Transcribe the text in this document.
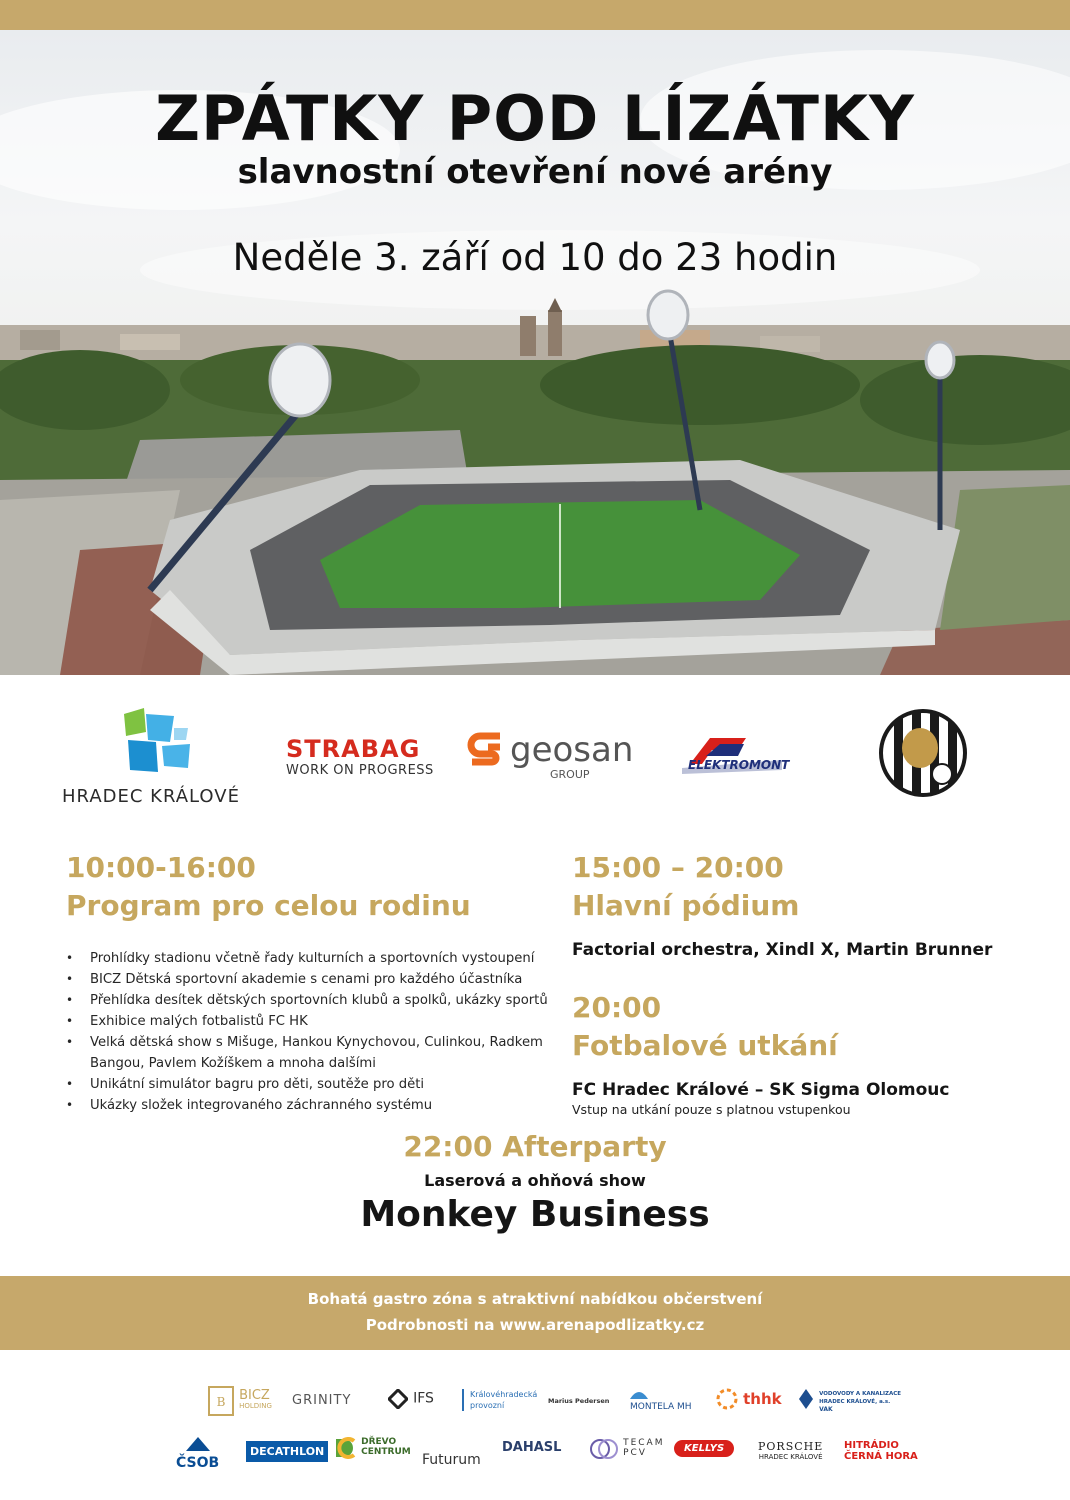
ZPÁTKY POD LÍZÁTKY
slavnostní otevření nové arény
Neděle 3. září od 10 do 23 hodin
HRADEC KRÁLOVÉ
STRABAG
WORK ON PROGRESS
geosan
GROUP
ELEKTROMONT
10:00-16:00
Program pro celou rodinu
• Prohlídky stadionu včetně řady kulturních a sportovních vystoupení
• BICZ Dětská sportovní akademie s cenami pro každého účastníka
• Přehlídka desítek dětských sportovních klubů a spolků, ukázky sportů
• Exhibice malých fotbalistů FC HK
• Velká dětská show s Mišuge, Hankou Kynychovou, Culinkou, Radkem Bangou, Pavlem Kožíškem a mnoha dalšími
• Unikátní simulátor bagru pro děti, soutěže pro děti
• Ukázky složek integrovaného záchranného systému
15:00 – 20:00
Hlavní pódium
Factorial orchestra, Xindl X, Martin Brunner
20:00
Fotbalové utkání
FC Hradec Králové – SK Sigma Olomouc
Vstup na utkání pouze s platnou vstupenkou
22:00 Afterparty
Laserová a ohňová show
Monkey Business
Bohatá gastro zóna s atraktivní nabídkou občerstvení
Podrobnosti na www.arenapodlizatky.cz
B
BICZ
HOLDING GRINITY	IFS	Královéhradecká
provozní	Marius Pedersen
MONTELA MH	thhk
	VODOVODY A KANALIZACE
HRADEC KRÁLOVÉ, a.s.
VAK
ČSOB
DECATHLON

DŘEVO
CENTRUM Futurum
DAHASL
	TECAM
PCV	KELLYS	PORSCHE
HRADEC KRÁLOVÉ
HITRÁDIO
ČERNÁ HORA
